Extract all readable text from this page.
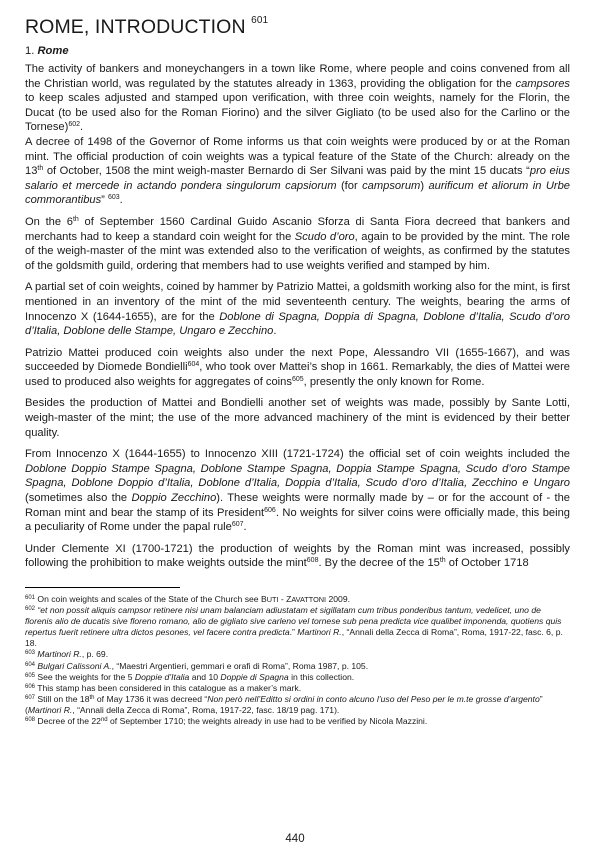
ROME, INTRODUCTION $^{601}$
1. Rome

The activity of bankers and moneychangers in a town like Rome, where people and coins convened from all the Christian world, was regulated by the statutes already in 1363, providing the obligation for the campsores to keep scales adjusted and stamped upon verification, with three coin weights, namely for the Florin, the Ducat (to be used also for the Roman Fiorino) and the silver Gigliato (to be used also for the Carlino or the Tornese)$^{602}$.

A decree of 1498 of the Governor of Rome informs us that coin weights were produced by or at the Roman mint. The official production of coin weights was a typical feature of the State of the Church: already on the 13th of October, 1508 the mint weigh-master Bernardo di Ser Silvani was paid by the mint 15 ducats “pro eius salario et mercede in actando pondera singulorum capsiorum (for campsorum) aurificum et aliorum in Urbe commorantibus” $^{603}$.

On the 6th of September 1560 Cardinal Guido Ascanio Sforza di Santa Fiora decreed that bankers and merchants had to keep a standard coin weight for the Scudo d’oro, again to be provided by the mint. The role of the weigh-master of the mint was extended also to the verification of weights, as confirmed by the statutes of the goldsmith guild, ordering that members had to use weights verified and stamped by him.

A partial set of coin weights, coined by hammer by Patrizio Mattei, a goldsmith working also for the mint, is first mentioned in an inventory of the mint of the mid seventeenth century. The weights, bearing the arms of Innocenzo X (1644-1655), are for the Doblone di Spagna, Doppia di Spagna, Doblone d’Italia, Scudo d’oro d’Italia, Doblone delle Stampe, Ungaro e Zecchino.

Patrizio Mattei produced coin weights also under the next Pope, Alessandro VII (1655-1667), and was succeeded by Diomede Bondielli$^{604}$, who took over Mattei’s shop in 1661. Remarkably, the dies of Mattei were used to produced also weights for aggregates of coins$^{605}$, presently the only known for Rome.

Besides the production of Mattei and Bondielli another set of weights was made, possibly by Sante Lotti, weigh-master of the mint; the use of the more advanced machinery of the mint is evidenced by their better quality.

From Innocenzo X (1644-1655) to Innocenzo XIII (1721-1724) the official set of coin weights included the Doblone Doppio Stampe Spagna, Doblone Stampe Spagna, Doppia Stampe Spagna, Scudo d’oro Stampe Spagna, Doblone Doppio d’Italia, Doblone d’Italia, Doppia d’Italia, Scudo d’oro d’Italia, Zecchino e Ungaro (sometimes also the Doppio Zecchino). These weights were normally made by – or for the account of - the Roman mint and bear the stamp of its President$^{606}$. No weights for silver coins were officially made, this being a peculiarity of Rome under the papal rule$^{607}$.

Under Clemente XI (1700-1721) the production of weights by the Roman mint was increased, possibly following the prohibition to make weights outside the mint$^{608}$. By the decree of the 15th of October 1718

$^{601}$ On coin weights and scales of the State of the Church see BUTI - ZAVATTONI 2009.

$^{602}$ “et non possit aliquis campsor retinere nisi unam balanciam adiustatam et sigillatam cum tribus ponderibus tantum, vedelicet, uno de florenis alio de ducatis sive floreno romano, alio de gigliato sive carleno vel tornese sub pena predicta vice qualibet imponenda, quotiens quis repertus fuerit retinere ultra dictos pesones, vel facere contra predicta.” Martinori R., “Annali della Zecca di Roma”, Roma, 1917-22, fasc. 6, p. 18.

$^{603}$ Martinori R., p. 69.

$^{604}$ Bulgari Calissoni A., “Maestri Argentieri, gemmari e orafi di Roma”, Roma 1987, p. 105.

$^{605}$ See the weights for the 5 Doppie d’Italia and 10 Doppie di Spagna in this collection.

$^{606}$ This stamp has been considered in this catalogue as a maker’s mark.

$^{607}$ Still on the 18th of May 1736 it was decreed “Non però nell’Editto si ordini in conto alcuno l’uso del Peso per le m.te grosse d’argento” (Martinori R., “Annali della Zecca di Roma”, Roma, 1917-22, fasc. 18/19 pag. 171).

$^{608}$ Decree of the 22nd of September 1710; the weights already in use had to be verified by Nicola Mazzini.

440
